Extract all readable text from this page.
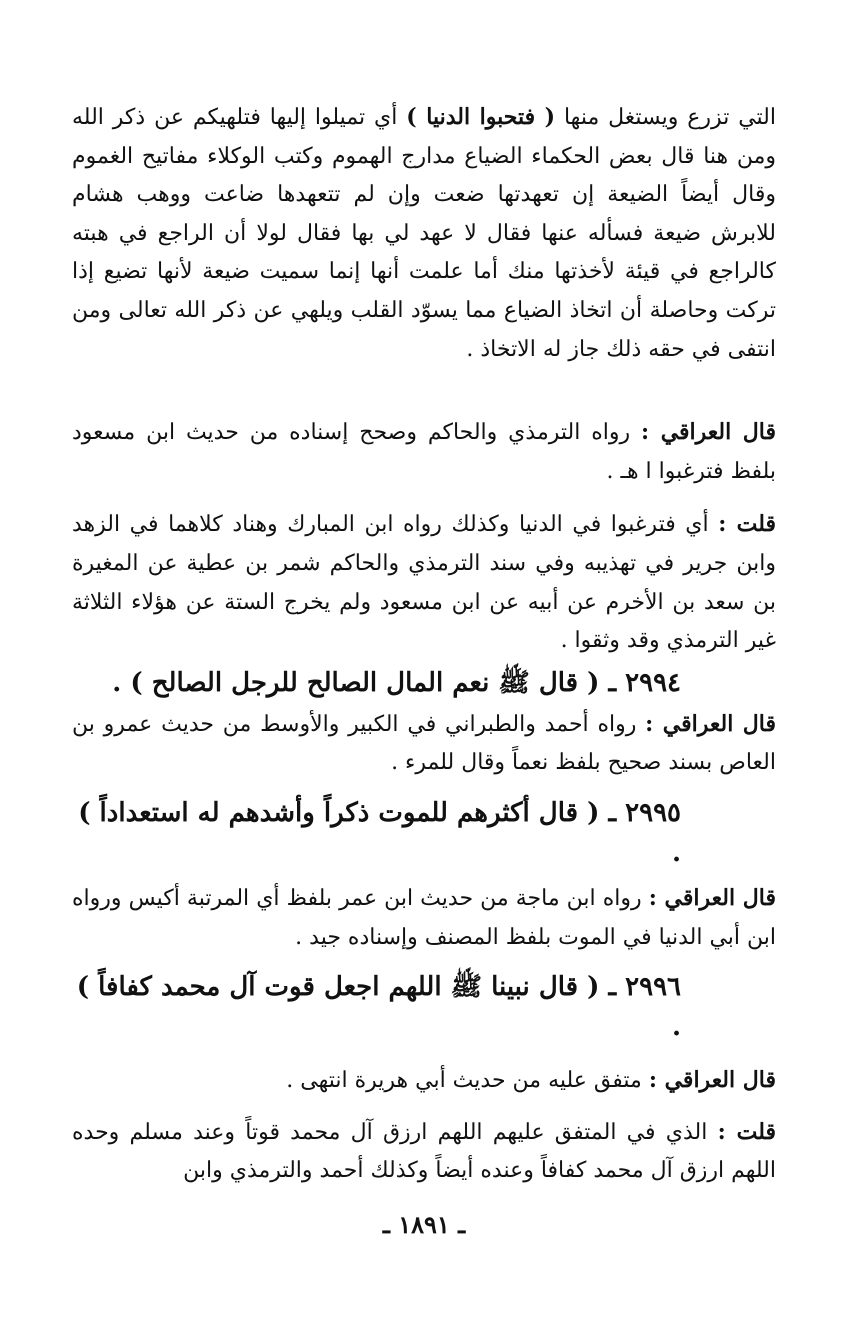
التي تزرع ويستغل منها ( فتحبوا الدنيا ) أي تميلوا إليها فتلهيكم عن ذكر الله ومن هنا قال بعض الحكماء الضياع مدارج الهموم وكتب الوكلاء مفاتيح الغموم وقال أيضاً الضيعة إن تعهدتها ضعت وإن لم تتعهدها ضاعت ووهب هشام للابرش ضيعة فسأله عنها فقال لا عهد لي بها فقال لولا أن الراجع في هبته كالراجع في قيئة لأخذتها منك أما علمت أنها إنما سميت ضيعة لأنها تضيع إذا تركت وحاصلة أن اتخاذ الضياع مما يسوّد القلب ويلهي عن ذكر الله تعالى ومن انتفى في حقه ذلك جاز له الاتخاذ .

قال العراقي : رواه الترمذي والحاكم وصحح إسناده من حديث ابن مسعود بلفظ فترغبوا ا هـ .

قلت : أي فترغبوا في الدنيا وكذلك رواه ابن المبارك وهناد كلاهما في الزهد وابن جرير في تهذيبه وفي سند الترمذي والحاكم شمر بن عطية عن المغيرة بن سعد بن الأخرم عن أبيه عن ابن مسعود ولم يخرج الستة عن هؤلاء الثلاثة غير الترمذي وقد وثقوا .

٢٩٩٤ ـ ( قال ﷺ نعم المال الصالح للرجل الصالح ) .

قال العراقي : رواه أحمد والطبراني في الكبير والأوسط من حديث عمرو بن العاص بسند صحيح بلفظ نعماً وقال للمرء .

٢٩٩٥ ـ ( قال أكثرهم للموت ذكراً وأشدهم له استعداداً ) .

قال العراقي : رواه ابن ماجة من حديث ابن عمر بلفظ أي المرتبة أكيس ورواه ابن أبي الدنيا في الموت بلفظ المصنف وإسناده جيد .

٢٩٩٦ ـ ( قال نبينا ﷺ اللهم اجعل قوت آل محمد كفافاً ) .

قال العراقي : متفق عليه من حديث أبي هريرة انتهى .

قلت : الذي في المتفق عليهم اللهم ارزق آل محمد قوتاً وعند مسلم وحده اللهم ارزق آل محمد كفافاً وعنده أيضاً وكذلك أحمد والترمذي وابن

ـ ١٨٩١ ـ
